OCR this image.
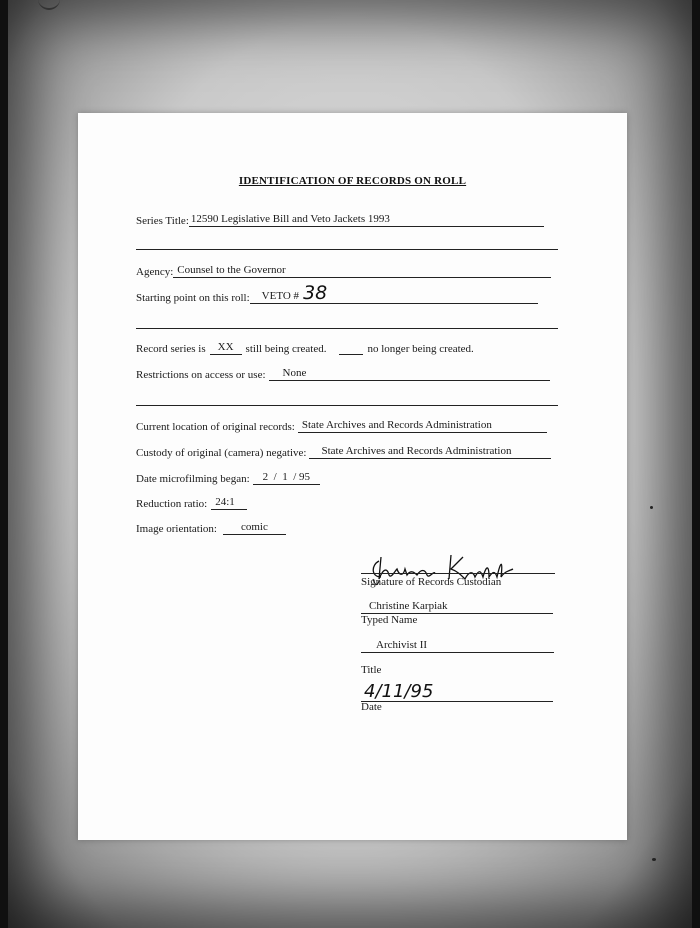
IDENTIFICATION OF RECORDS ON ROLL
Series Title: 12590 Legislative Bill and Veto Jackets 1993
Agency: Counsel to the Governor
Starting point on this roll:	VETO # 38
Record series is	XX	still being created.	no longer being created.
Restrictions on access or use:	None
Current location of original records: State Archives and Records Administration
Custody of original (camera) negative:	State Archives and Records Administration
Date microfilming began:	2  /  1  / 95
Reduction ratio: 24:1
Image orientation:	comic
Signature of Records Custodian
Christine Karpiak
Typed Name
Archivist II
Title
4/11/95
Date
